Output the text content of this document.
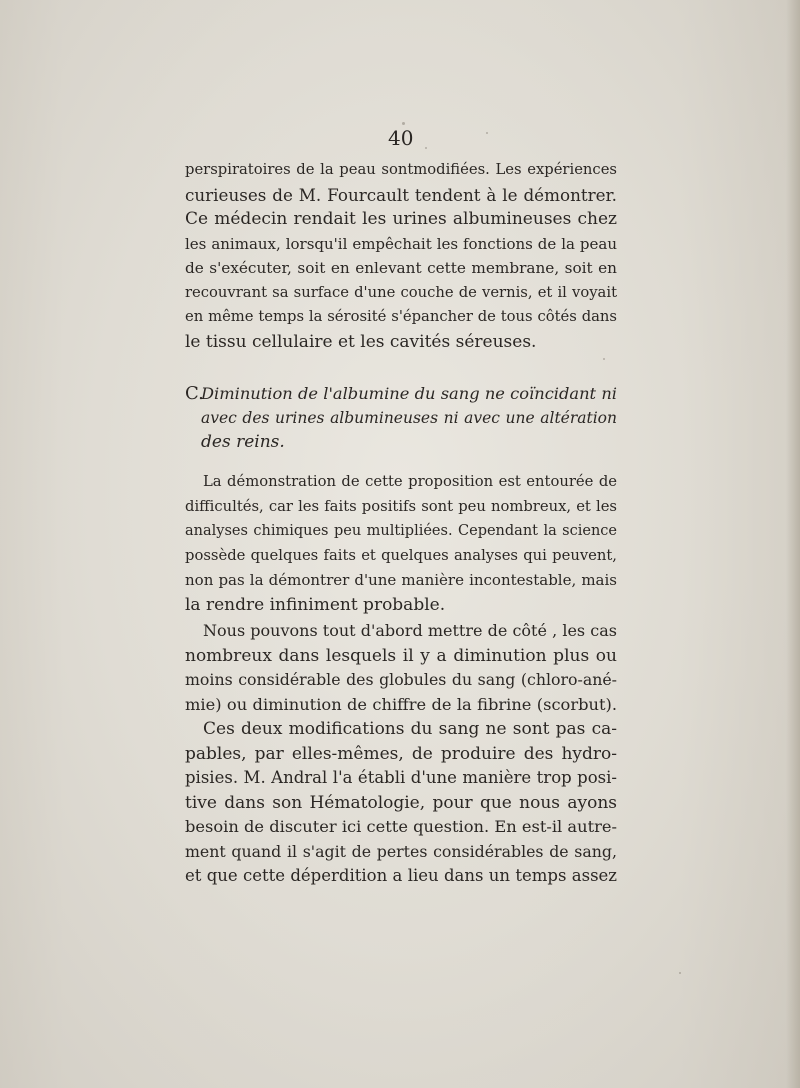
40
perspiratoires de la peau sontmodifiées. Les expériences
curieuses de M. Fourcault tendent à le démontrer.
Ce médecin rendait les urines albumineuses chez
les animaux, lorsqu'il empêchait les fonctions de la peau
de s'exécuter, soit en enlevant cette membrane, soit en
recouvrant sa surface d'une couche de vernis, et il voyait
en même temps la sérosité s'épancher de tous côtés dans
le tissu cellulaire et les cavités séreuses.
C.
Diminution de l'albumine du sang ne coïncidant ni
avec des urines albumineuses ni avec une altération
des reins.
La démonstration de cette proposition est entourée de
difficultés, car les faits positifs sont peu nombreux, et les
analyses chimiques peu multipliées. Cependant la science
possède quelques faits et quelques analyses qui peuvent,
non pas la démontrer d'une manière incontestable, mais
la rendre infiniment probable.
Nous pouvons tout d'abord mettre de côté , les cas
nombreux dans lesquels il y a diminution plus ou
moins considérable des globules du sang (chloro-ané-
mie) ou diminution de chiffre de la fibrine (scorbut).
Ces deux modifications du sang ne sont pas ca-
pables, par elles-mêmes, de produire des hydro-
pisies. M. Andral l'a établi d'une manière trop posi-
tive dans son Hématologie, pour que nous ayons
besoin de discuter ici cette question. En est-il autre-
ment quand il s'agit de pertes considérables de sang,
et que cette déperdition a lieu dans un temps assez
